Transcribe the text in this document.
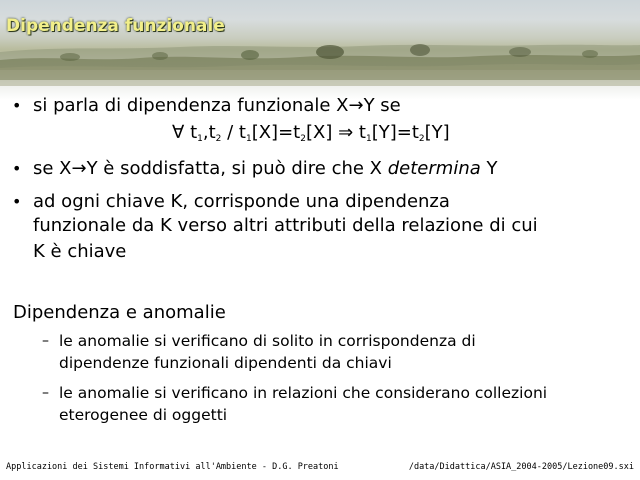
Dipendenza funzionale
• si parla di dipendenza funzionale X→Y se
∀ $t_1,t_2 / t_1[X]=t_2[X]$ ⇒ $t_1[Y]=t_2[Y]$
• se X→Y è soddisfatta, si può dire che X determina Y
• ad ogni chiave K, corrisponde una dipendenza
funzionale da K verso altri attributi della relazione di cui
K è chiave
Dipendenza e anomalie
– le anomalie si verificano di solito in corrispondenza di
dipendenze funzionali dipendenti da chiavi
– le anomalie si verificano in relazioni che considerano collezioni
eterogenee di oggetti
Applicazioni dei Sistemi Informativi all'Ambiente - D.G. Preatoni	/data/Didattica/ASIA_2004-2005/Lezione09.sxi
